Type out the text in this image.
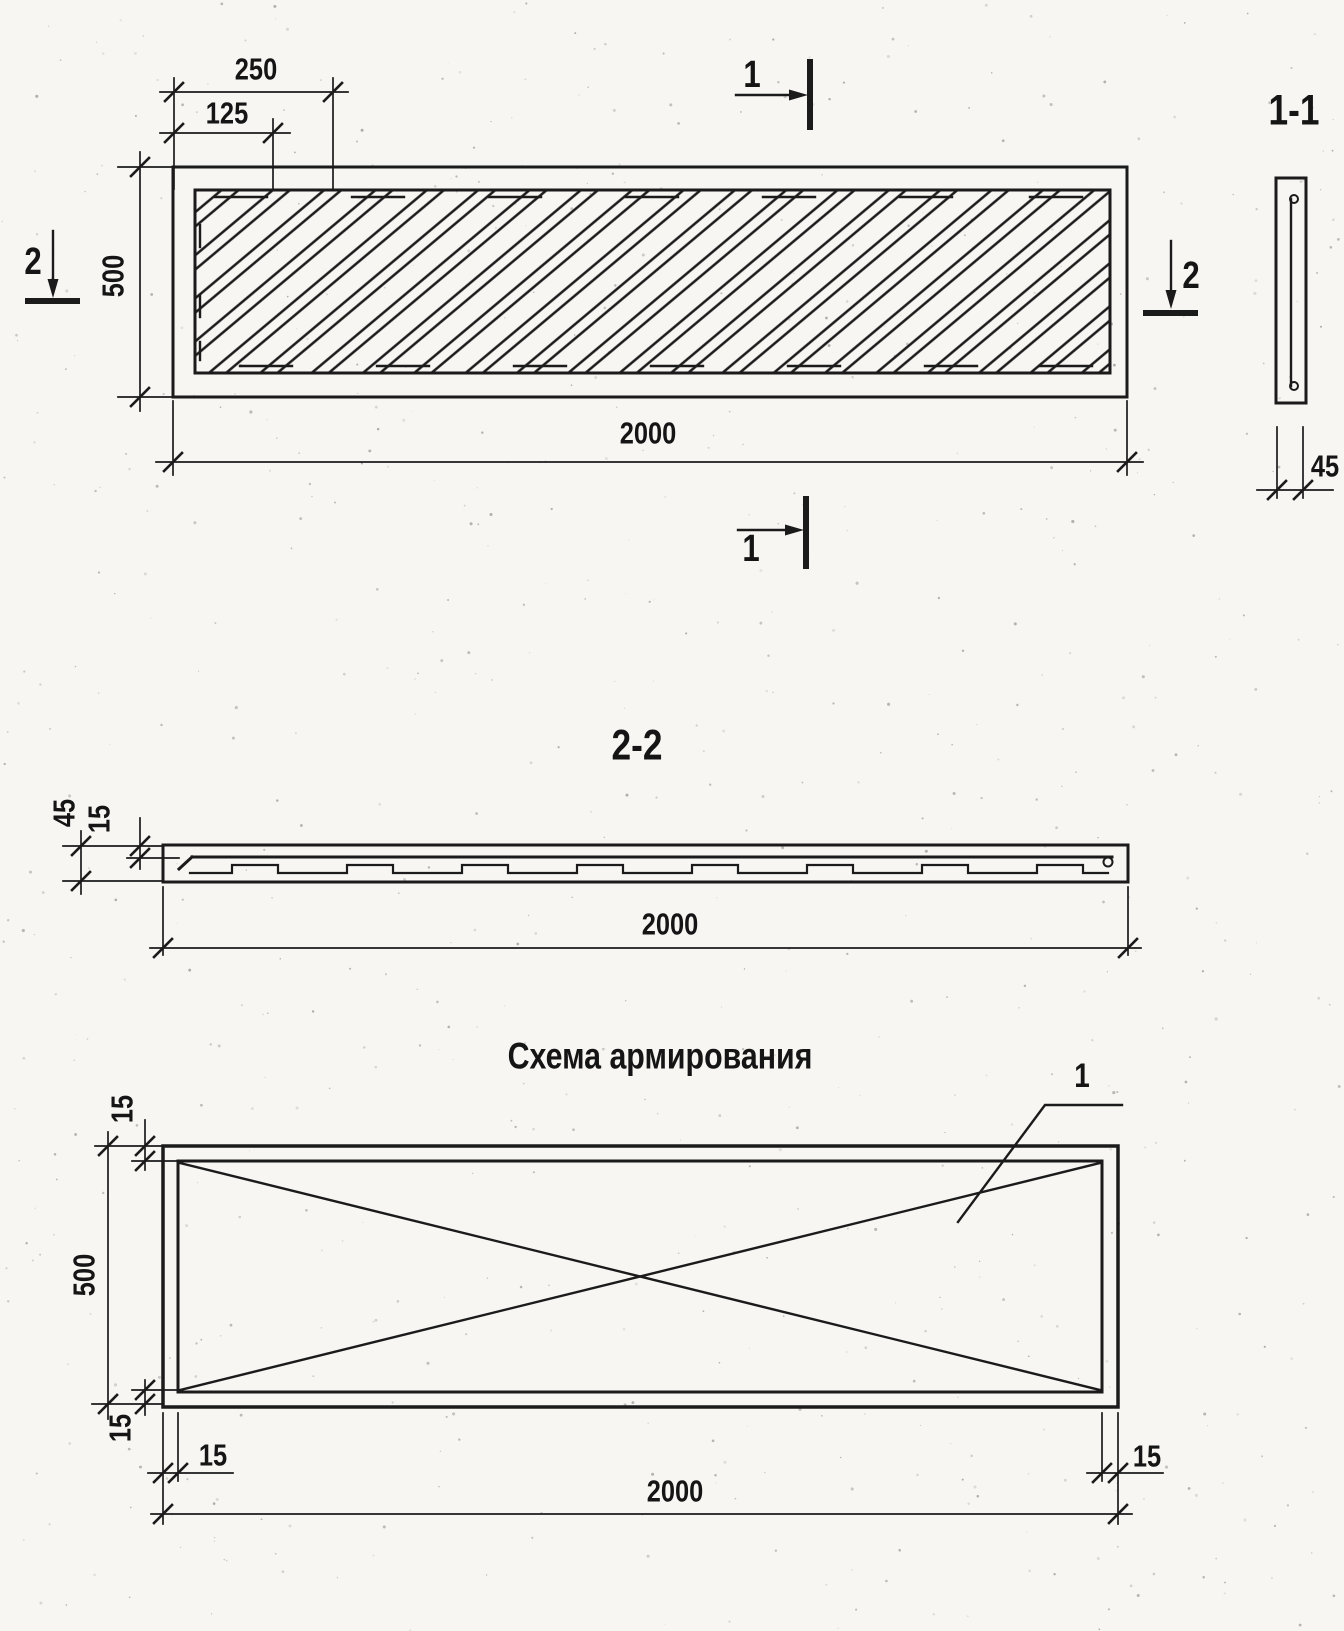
250
125
500
2000
1
1
2	2
1-1
45
2-2
45 15
2000
Схема армирования	1
15
500
15
15	15
2000
